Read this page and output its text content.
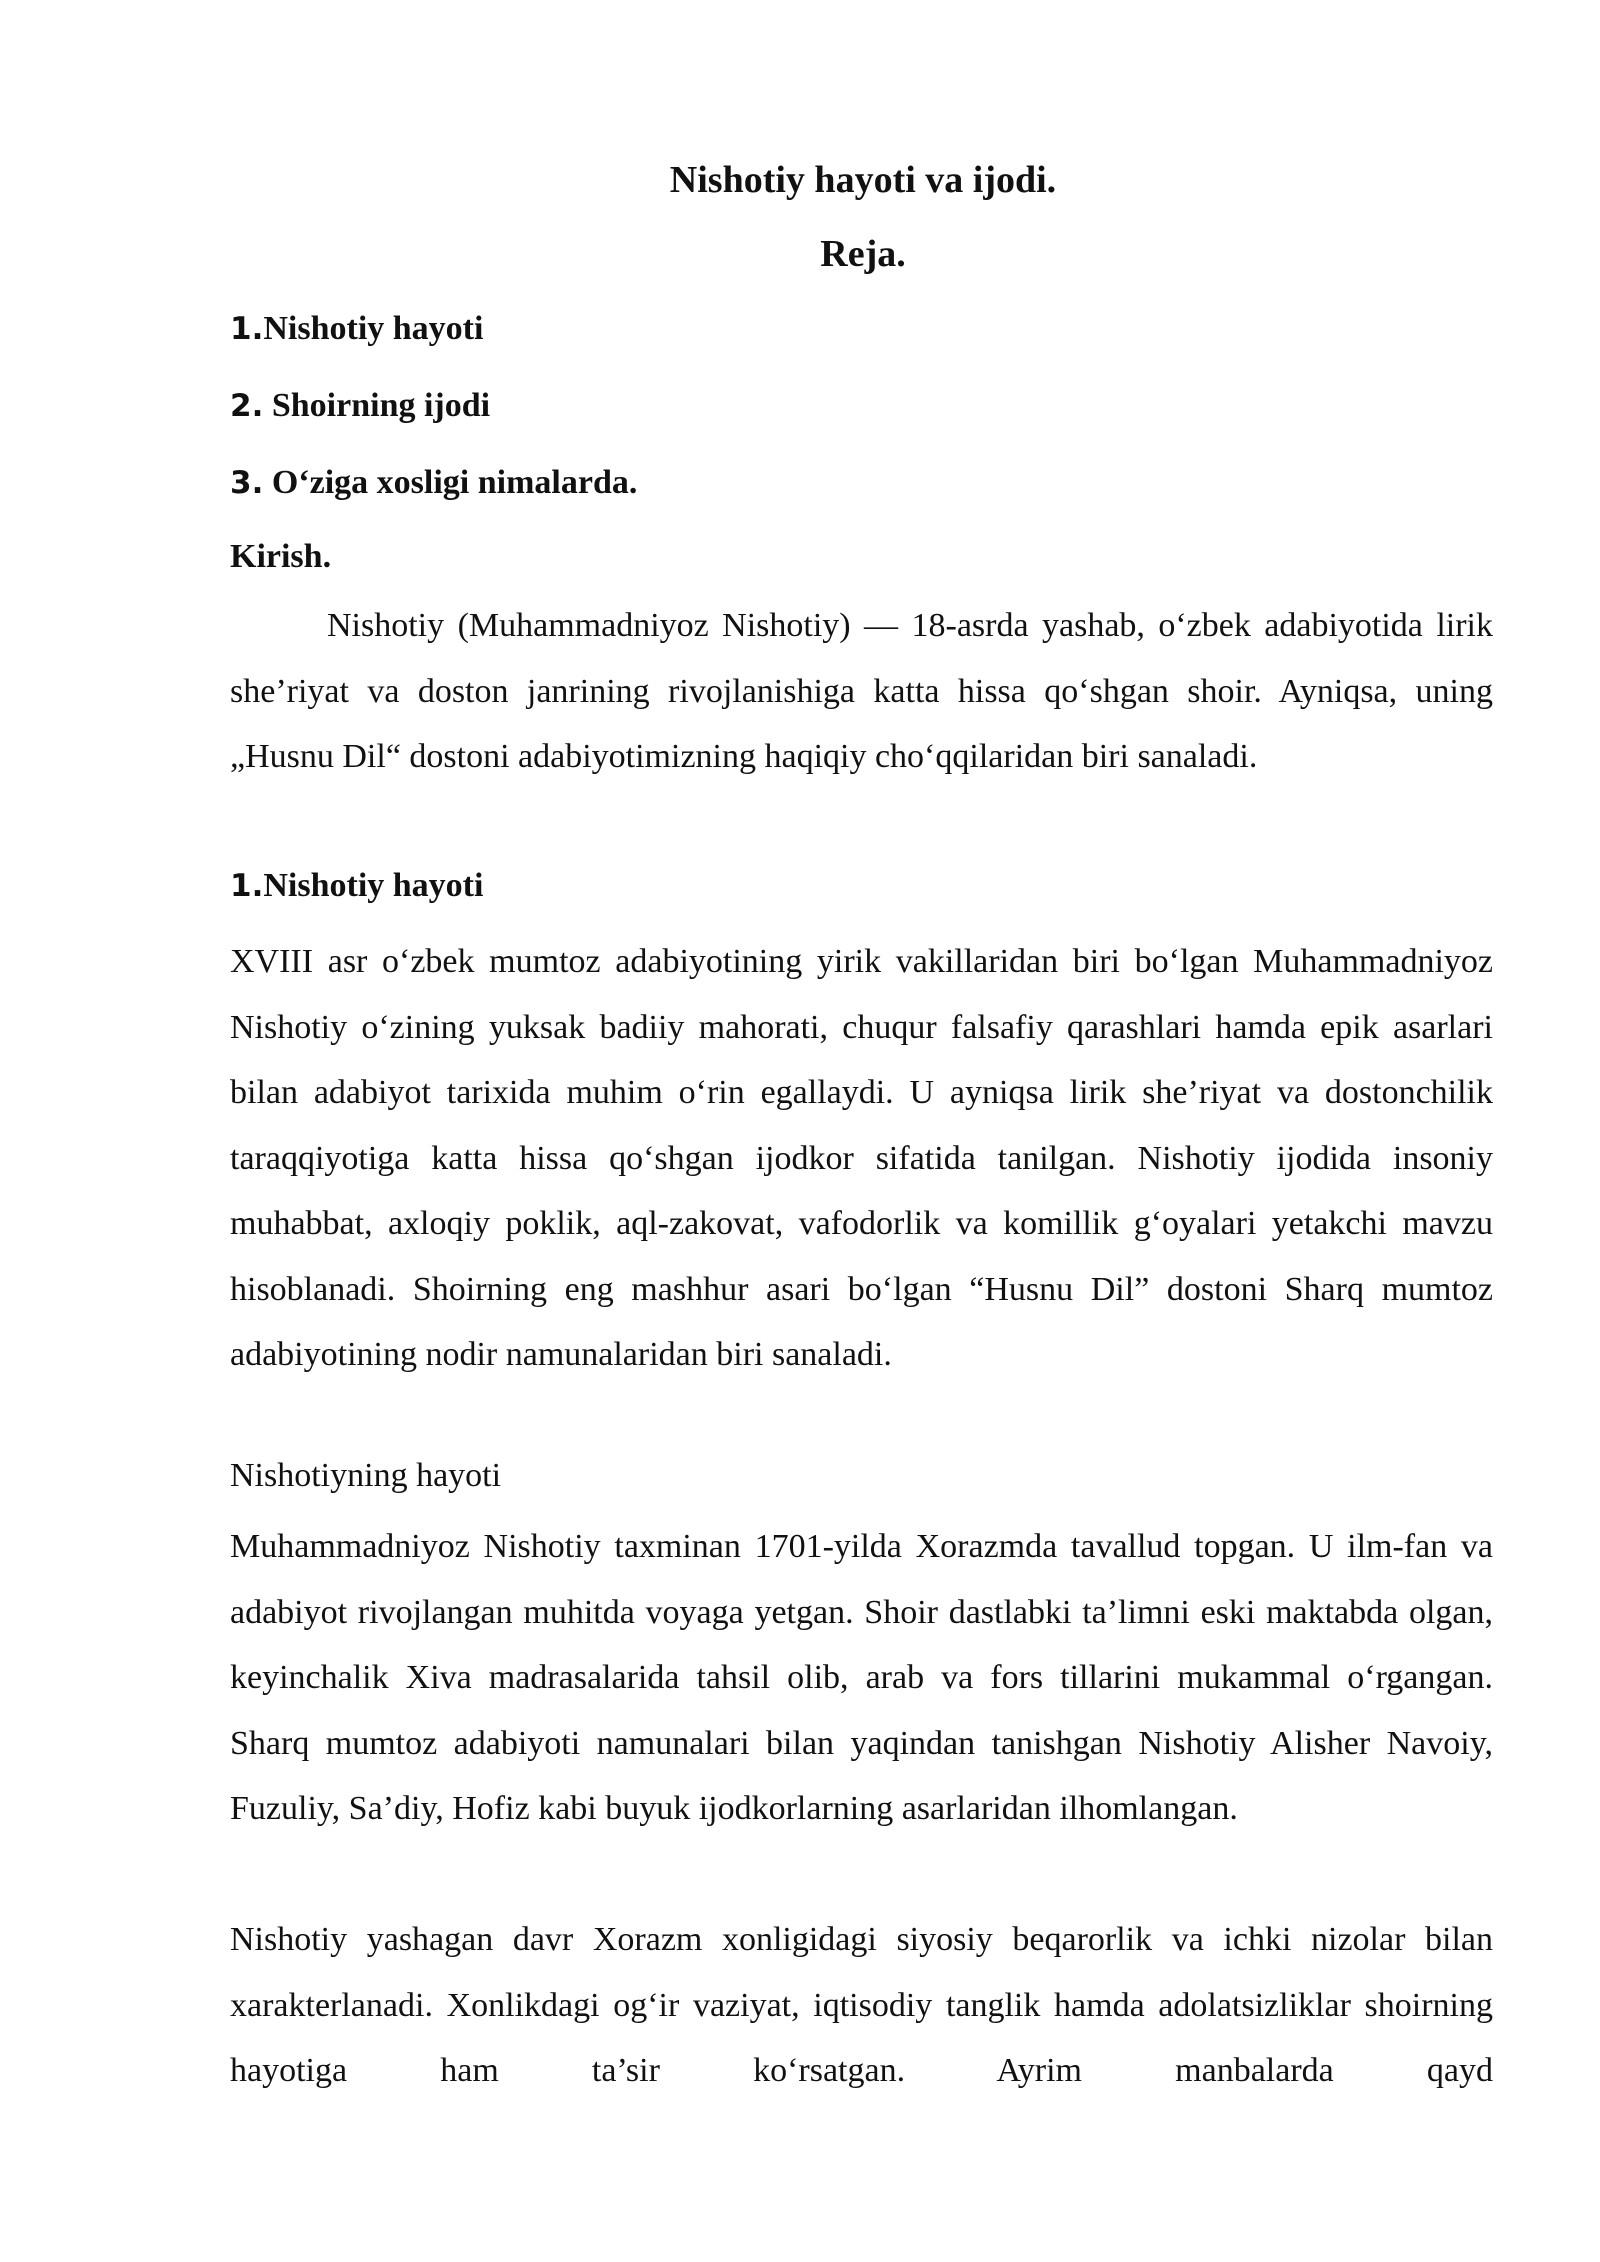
Nishotiy hayoti va ijodi.
Reja.
1.Nishotiy hayoti
2. Shoirning ijodi
3. O‘ziga xosligi nimalarda.
Kirish.

Nishotiy (Muhammadniyoz Nishotiy) — 18-asrda yashab, o‘zbek adabiyotida lirik she’riyat va doston janrining rivojlanishiga katta hissa qo‘shgan shoir. Ayniqsa, uning „Husnu Dil“ dostoni adabiyotimizning haqiqiy cho‘qqilaridan biri sanaladi.

1.Nishotiy hayoti

XVIII asr o‘zbek mumtoz adabiyotining yirik vakillaridan biri bo‘lgan Muhammadniyoz Nishotiy o‘zining yuksak badiiy mahorati, chuqur falsafiy qarashlari hamda epik asarlari bilan adabiyot tarixida muhim o‘rin egallaydi. U ayniqsa lirik she’riyat va dostonchilik taraqqiyotiga katta hissa qo‘shgan ijodkor sifatida tanilgan. Nishotiy ijodida insoniy muhabbat, axloqiy poklik, aql-zakovat, vafodorlik va komillik g‘oyalari yetakchi mavzu hisoblanadi. Shoirning eng mashhur asari bo‘lgan “Husnu Dil” dostoni Sharq mumtoz adabiyotining nodir namunalaridan biri sanaladi.

Nishotiyning hayoti

Muhammadniyoz Nishotiy taxminan 1701-yilda Xorazmda tavallud topgan. U ilm-fan va adabiyot rivojlangan muhitda voyaga yetgan. Shoir dastlabki ta’limni eski maktabda olgan, keyinchalik Xiva madrasalarida tahsil olib, arab va fors tillarini mukammal o‘rgangan. Sharq mumtoz adabiyoti namunalari bilan yaqindan tanishgan Nishotiy Alisher Navoiy, Fuzuliy, Sa’diy, Hofiz kabi buyuk ijodkorlarning asarlaridan ilhomlangan.

Nishotiy yashagan davr Xorazm xonligidagi siyosiy beqarorlik va ichki nizolar bilan xarakterlanadi. Xonlikdagi og‘ir vaziyat, iqtisodiy tanglik hamda adolatsizliklar shoirning hayotiga ham ta’sir ko‘rsatgan. Ayrim manbalarda qayd
